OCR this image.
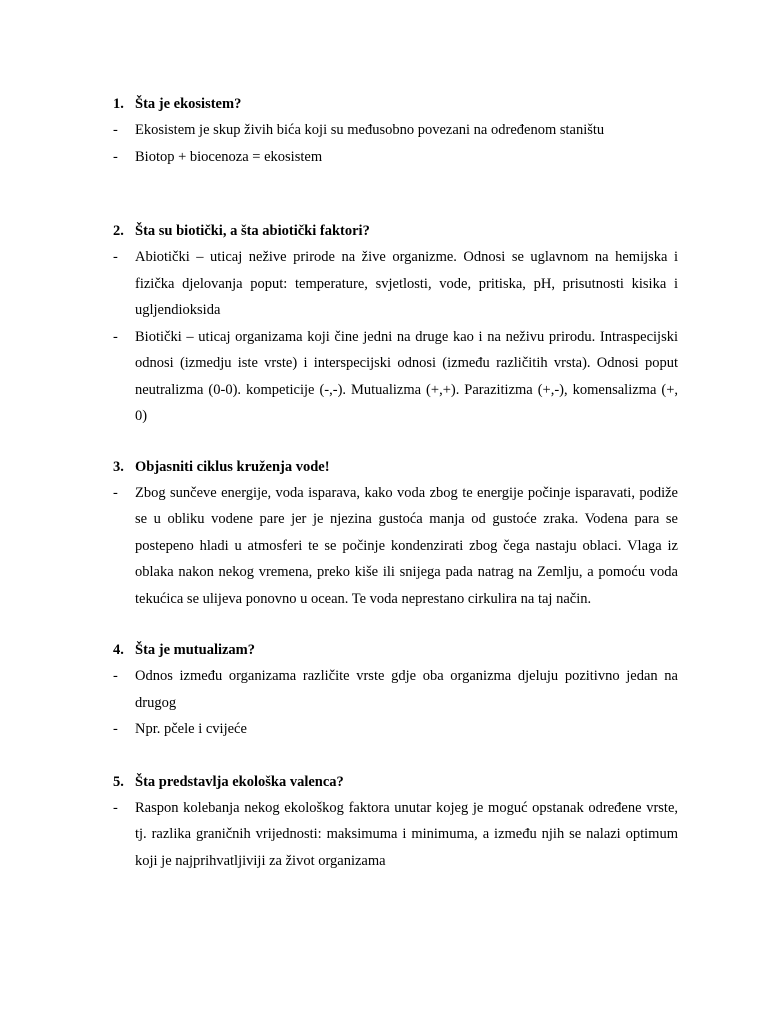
1. Šta je ekosistem?
-	Ekosistem je skup živih bića koji su međusobno povezani na određenom staništu
-	Biotop + biocenoza = ekosistem
2. Šta su biotički, a šta abiotički faktori?
-	Abiotički – uticaj nežive prirode na žive organizme. Odnosi se uglavnom na hemijska i fizička djelovanja poput: temperature, svjetlosti, vode, pritiska, pH, prisutnosti kisika i ugljendioksida
-	Biotički – uticaj organizama koji čine jedni na druge kao i na neživu prirodu. Intraspecijski odnosi (izmedju iste vrste) i interspecijski odnosi (između različitih vrsta). Odnosi poput neutralizma (0-0). kompeticije (-,-). Mutualizma (+,+). Parazitizma (+,-), komensalizma (+, 0)
3. Objasniti ciklus kruženja vode!
-	Zbog sunčeve energije, voda isparava, kako voda zbog te energije počinje isparavati, podiže se u obliku vodene pare jer je njezina gustoća manja od gustoće zraka. Vodena para se postepeno hladi u atmosferi te se počinje kondenzirati zbog čega nastaju oblaci. Vlaga iz oblaka nakon nekog vremena, preko kiše ili snijega pada natrag na Zemlju, a pomoću voda tekućica se ulijeva ponovno u ocean. Te voda neprestano cirkulira na taj način.
4. Šta je mutualizam?
-	Odnos između organizama različite vrste gdje oba organizma djeluju pozitivno jedan na drugog
-	Npr. pčele i cvijeće
5. Šta predstavlja ekološka valenca?
-	Raspon kolebanja nekog ekološkog faktora unutar kojeg je moguć opstanak određene vrste, tj. razlika graničnih vrijednosti: maksimuma i minimuma, a između njih se nalazi optimum koji je najprihvatljiviji za život organizama
